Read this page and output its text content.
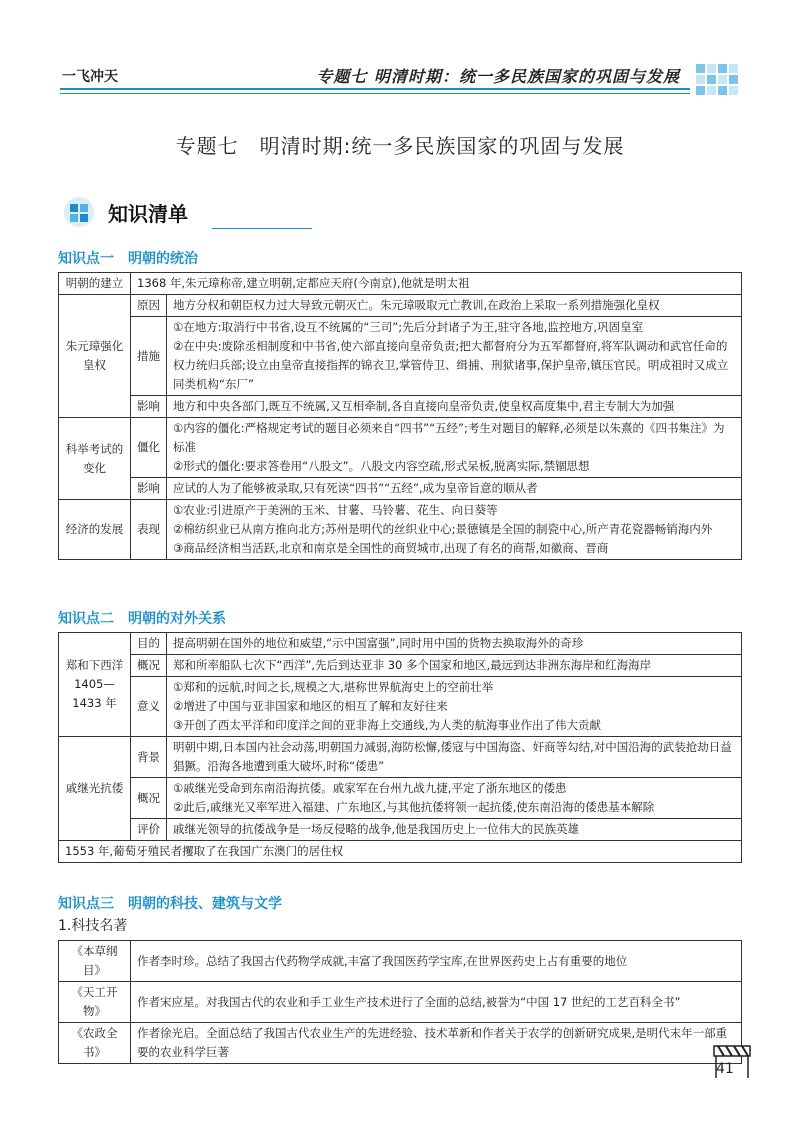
一飞冲天	专题七 明清时期：统一多民族国家的巩固与发展
专题七　明清时期:统一多民族国家的巩固与发展
知识清单
知识点一　明朝的统治
明朝的建立	1368 年,朱元璋称帝,建立明朝,定都应天府(今南京),他就是明太祖	
朱元璋强化皇权	原因	地方分权和朝臣权力过大导致元朝灭亡。朱元璋吸取元亡教训,在政治上采取一系列措施强化皇权
	措施	①在地方:取消行中书省,设互不统属的“三司”;先后分封诸子为王,驻守各地,监控地方,巩固皇室
②在中央:废除丞相制度和中书省,使六部直接向皇帝负责;把大都督府分为五军都督府,将军队调动和武官任命的权力统归兵部;设立由皇帝直接指挥的锦衣卫,掌管侍卫、缉捕、刑狱诸事,保护皇帝,镇压官民。明成祖时又成立同类机构“东厂”

	影响	地方和中央各部门,既互不统属,又互相牵制,各自直接向皇帝负责,使皇权高度集中,君主专制大为加强
科举考试的变化	僵化	①内容的僵化:严格规定考试的题目必须来自“四书”“五经”;考生对题目的解释,必须是以朱熹的《四书集注》为标准
②形式的僵化:要求答卷用“八股文”。八股文内容空疏,形式呆板,脱离实际,禁锢思想

	影响	应试的人为了能够被录取,只有死读“四书”“五经”,成为皇帝旨意的顺从者
经济的发展	表现	①农业:引进原产于美洲的玉米、甘薯、马铃薯、花生、向日葵等
②棉纺织业已从南方推向北方;苏州是明代的丝织业中心;景德镇是全国的制瓷中心,所产青花瓷器畅销海内外
③商品经济相当活跃,北京和南京是全国性的商贸城市,出现了有名的商帮,如徽商、晋商
知识点二　明朝的对外关系
郑和下西洋
1405—1433 年	目的	提高明朝在国外的地位和威望,“示中国富强”,同时用中国的货物去换取海外的奇珍
	概况	郑和所率船队七次下“西洋”,先后到达亚非 30 多个国家和地区,最远到达非洲东海岸和红海海岸
	意义	①郑和的远航,时间之长,规模之大,堪称世界航海史上的空前壮举
②增进了中国与亚非国家和地区的相互了解和友好往来
③开创了西太平洋和印度洋之间的亚非海上交通线,为人类的航海事业作出了伟大贡献

戚继光抗倭	背景	明朝中期,日本国内社会动荡,明朝国力减弱,海防松懈,倭寇与中国海盗、奸商等勾结,对中国沿海的武装抢劫日益猖獗。沿海各地遭到重大破坏,时称“倭患”
	概况	①戚继光受命到东南沿海抗倭。戚家军在台州九战九捷,平定了浙东地区的倭患
②此后,戚继光又率军进入福建、广东地区,与其他抗倭将领一起抗倭,使东南沿海的倭患基本解除

	评价	戚继光领导的抗倭战争是一场反侵略的战争,他是我国历史上一位伟大的民族英雄
1553 年,葡萄牙殖民者攫取了在我国广东澳门的居住权		
知识点三　明朝的科技、建筑与文学
1.科技名著
《本草纲目》	作者李时珍。总结了我国古代药物学成就,丰富了我国医药学宝库,在世界医药史上占有重要的地位
《天工开物》	作者宋应星。对我国古代的农业和手工业生产技术进行了全面的总结,被誉为“中国 17 世纪的工艺百科全书”
《农政全书》	作者徐光启。全面总结了我国古代农业生产的先进经验、技术革新和作者关于农学的创新研究成果,是明代末年一部重要的农业科学巨著
41
